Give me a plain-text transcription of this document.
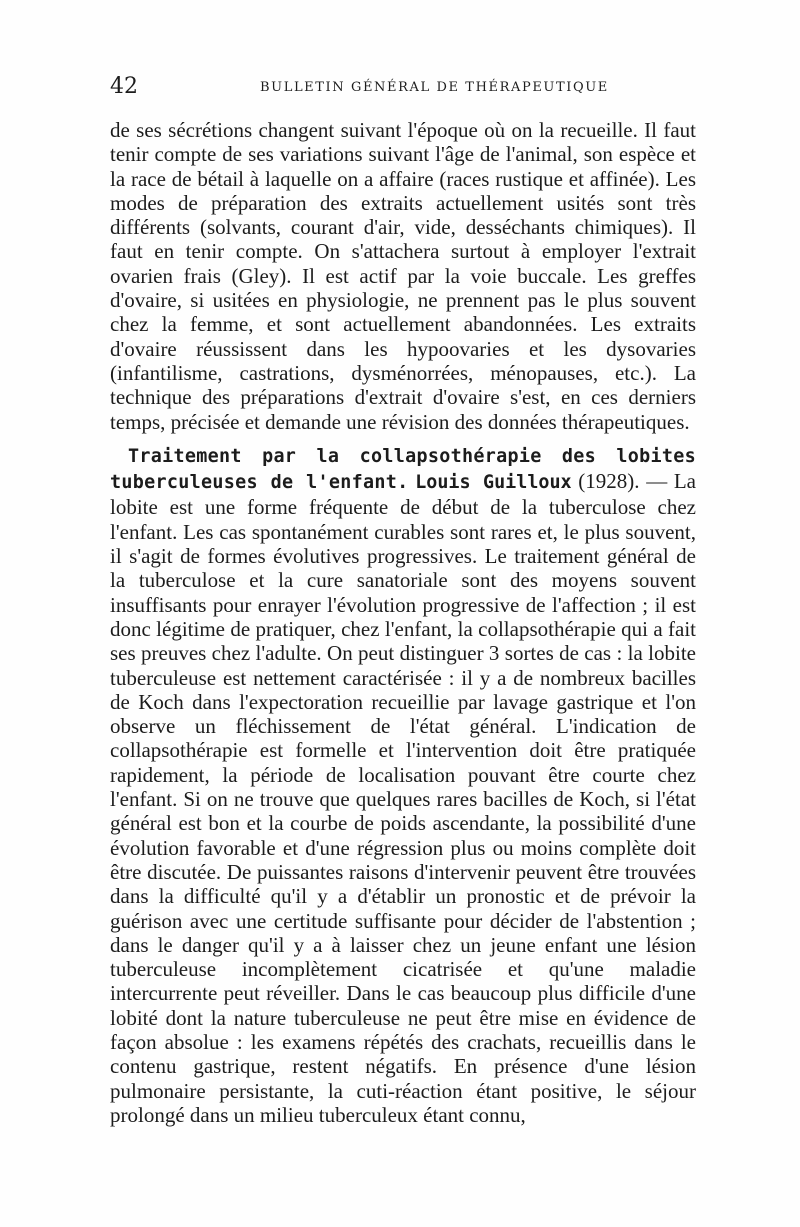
42	BULLETIN GÉNÉRAL DE THÉRAPEUTIQUE

de ses sécrétions changent suivant l'époque où on la recueille. Il faut tenir compte de ses variations suivant l'âge de l'animal, son espèce et la race de bétail à laquelle on a affaire (races rustique et affinée). Les modes de préparation des extraits actuellement usités sont très différents (solvants, courant d'air, vide, desséchants chimiques). Il faut en tenir compte. On s'attachera surtout à employer l'extrait ovarien frais (Gley). Il est actif par la voie buccale. Les greffes d'ovaire, si usitées en physiologie, ne prennent pas le plus souvent chez la femme, et sont actuellement abandonnées. Les extraits d'ovaire réussissent dans les hypoovaries et les dysovaries (infantilisme, castrations, dysménorrées, ménopauses, etc.). La technique des préparations d'extrait d'ovaire s'est, en ces derniers temps, précisée et demande une révision des données thérapeutiques.

Traitement par la collapsothérapie des lobites tuberculeuses de l'enfant. Louis Guilloux (1928). — La lobite est une forme fréquente de début de la tuberculose chez l'enfant. Les cas spontanément curables sont rares et, le plus souvent, il s'agit de formes évolutives progressives. Le traitement général de la tuberculose et la cure sanatoriale sont des moyens souvent insuffisants pour enrayer l'évolution progressive de l'affection ; il est donc légitime de pratiquer, chez l'enfant, la collapsothérapie qui a fait ses preuves chez l'adulte. On peut distinguer 3 sortes de cas : la lobite tuberculeuse est nettement caractérisée : il y a de nombreux bacilles de Koch dans l'expectoration recueillie par lavage gastrique et l'on observe un fléchissement de l'état général. L'indication de collapsothérapie est formelle et l'intervention doit être pratiquée rapidement, la période de localisation pouvant être courte chez l'enfant. Si on ne trouve que quelques rares bacilles de Koch, si l'état général est bon et la courbe de poids ascendante, la possibilité d'une évolution favorable et d'une régression plus ou moins complète doit être discutée. De puissantes raisons d'intervenir peuvent être trouvées dans la difficulté qu'il y a d'établir un pronostic et de prévoir la guérison avec une certitude suffisante pour décider de l'abstention ; dans le danger qu'il y a à laisser chez un jeune enfant une lésion tuberculeuse incomplètement cicatrisée et qu'une maladie intercurrente peut réveiller. Dans le cas beaucoup plus difficile d'une lobité dont la nature tuberculeuse ne peut être mise en évidence de façon absolue : les examens répétés des crachats, recueillis dans le contenu gastrique, restent négatifs. En présence d'une lésion pulmonaire persistante, la cuti-réaction étant positive, le séjour prolongé dans un milieu tuberculeux étant connu,
